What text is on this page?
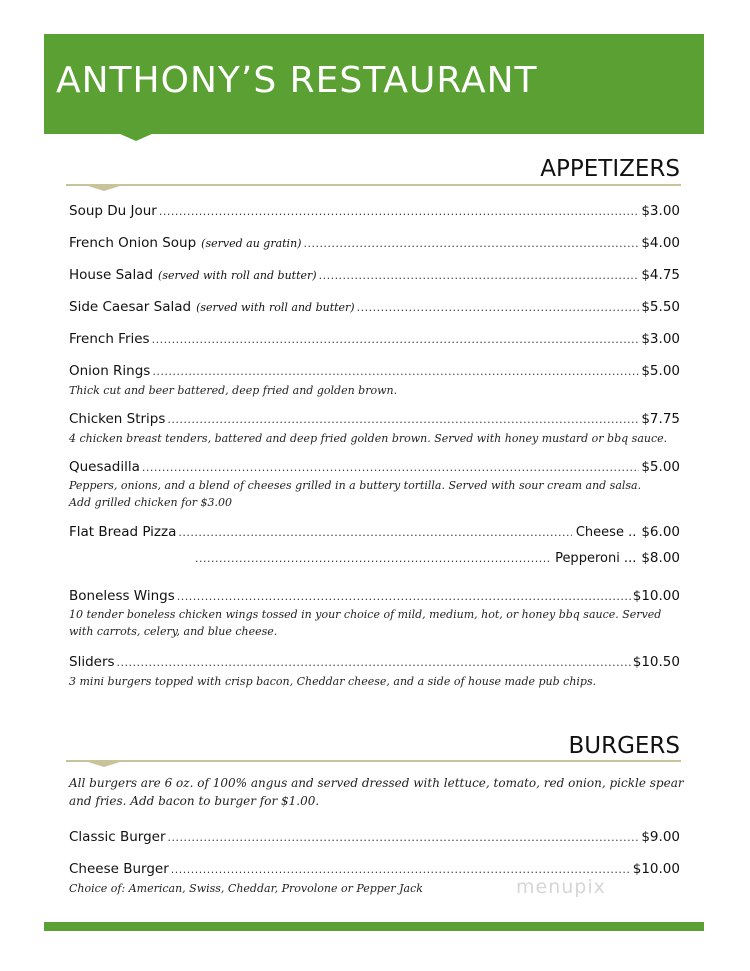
ANTHONY’S RESTAURANT
APPETIZERS
Soup Du Jour .....	$3.00
French Onion Soup (served au gratin) .....	$4.00
House Salad (served with roll and butter) .....	$4.75
Side Caesar Salad (served with roll and butter) .....	$5.50
French Fries .....	$3.00
Onion Rings .....	$5.00
Thick cut and beer battered, deep fried and golden brown.
Chicken Strips .....	$7.75
4 chicken breast tenders, battered and deep fried golden brown. Served with honey mustard or bbq sauce.
Quesadilla .....	$5.00
Peppers, onions, and a blend of cheeses grilled in a buttery tortilla. Served with sour cream and salsa.
Add grilled chicken for $3.00
Flat Bread Pizza .....	Cheese .. $6.00
.....
Pepperoni ... $8.00
Boneless Wings .....	$10.00
10 tender boneless chicken wings tossed in your choice of mild, medium, hot, or honey bbq sauce. Served
with carrots, celery, and blue cheese.
Sliders .....	$10.50
3 mini burgers topped with crisp bacon, Cheddar cheese, and a side of house made pub chips.
BURGERS
All burgers are 6 oz. of 100% angus and served dressed with lettuce, tomato, red onion, pickle spear
and fries. Add bacon to burger for $1.00.
Classic Burger .....	$9.00
Cheese Burger .....	$10.00
Choice of: American, Swiss, Cheddar, Provolone or Pepper Jack	menupix
